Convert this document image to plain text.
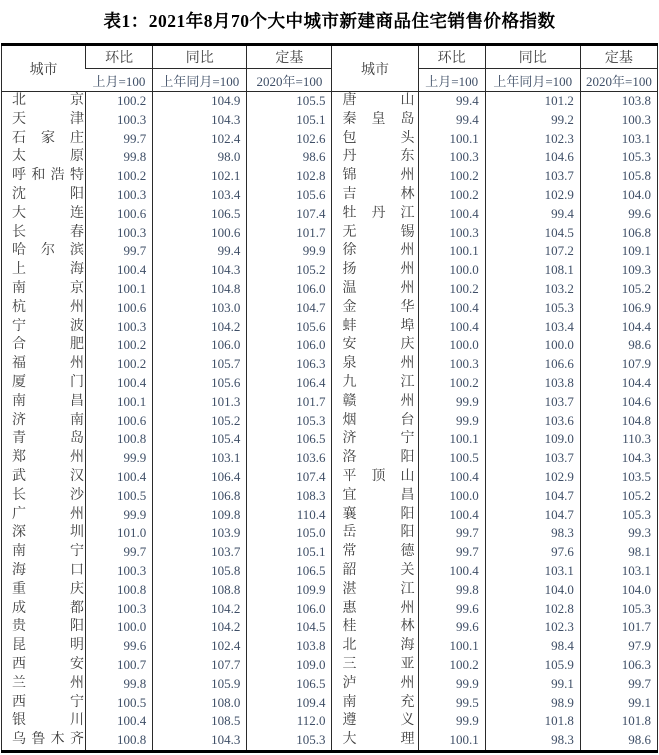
表1：2021年8月70个大中城市新建商品住宅销售价格指数
城市	环比	同比	定基	城市	环比	同比	定基
	上月=100	上年同月=100	2020年=100		上月=100	上年同月=100	2020年=100

北 京	100.2	104.9	105.5	唐 山	99.4	101.2	103.8

天 津	100.3	104.3	105.1	秦 皇 岛	99.4	99.2	100.3

石 家 庄	99.7	102.4	102.6	包 头	100.1	102.3	103.1

太 原	99.8	98.0	98.6	丹 东	100.3	104.6	105.3

呼 和 浩 特	100.2	102.1	102.8	锦 州	100.2	103.7	105.8

沈 阳	100.3	103.4	105.6	吉 林	100.2	102.9	104.0

大 连	100.6	106.5	107.4	牡 丹 江	100.4	99.4	99.6

长 春	100.3	100.6	101.7	无 锡	100.3	104.5	106.8

哈 尔 滨	99.7	99.4	99.9	徐 州	100.1	107.2	109.1

上 海	100.4	104.3	105.2	扬 州	100.0	108.1	109.3

南 京	100.1	104.8	106.0	温 州	100.2	103.2	105.2

杭 州	100.6	103.0	104.7	金 华	100.4	105.3	106.9

宁 波	100.3	104.2	105.6	蚌 埠	100.4	103.4	104.4

合 肥	100.2	106.0	106.0	安 庆	100.0	100.0	98.6

福 州	100.2	105.7	106.3	泉 州	100.3	106.6	107.9

厦 门	100.4	105.6	106.4	九 江	100.2	103.8	104.4

南 昌	100.1	101.3	101.7	赣 州	99.9	103.7	104.6

济 南	100.6	105.2	105.3	烟 台	99.9	103.6	104.8

青 岛	100.8	105.4	106.5	济 宁	100.1	109.0	110.3

郑 州	99.9	103.1	103.6	洛 阳	100.5	103.7	104.3

武 汉	100.4	106.4	107.4	平 顶 山	100.4	102.9	103.5

长 沙	100.5	106.8	108.3	宜 昌	100.0	104.7	105.2

广 州	99.9	109.8	110.4	襄 阳	100.4	104.7	105.3

深 圳	101.0	103.9	105.0	岳 阳	99.7	98.3	99.3

南 宁	99.7	103.7	105.1	常 德	99.7	97.6	98.1

海 口	100.3	105.8	106.5	韶 关	100.4	103.1	103.1

重 庆	100.8	108.8	109.9	湛 江	99.8	104.0	104.0

成 都	100.3	104.2	106.0	惠 州	99.6	102.8	105.3

贵 阳	100.0	104.2	104.5	桂 林	99.6	102.3	101.7

昆 明	99.6	102.4	103.8	北 海	100.1	98.4	97.9

西 安	100.7	107.7	109.0	三 亚	100.2	105.9	106.3

兰 州	99.8	105.9	106.5	泸 州	99.9	99.1	99.7

西 宁	100.5	108.0	109.4	南 充	99.5	98.9	99.1

银 川	100.4	108.5	112.0	遵 义	99.9	101.8	101.8

乌 鲁 木 齐	100.8	104.3	105.3	大 理	100.1	98.3	98.6
